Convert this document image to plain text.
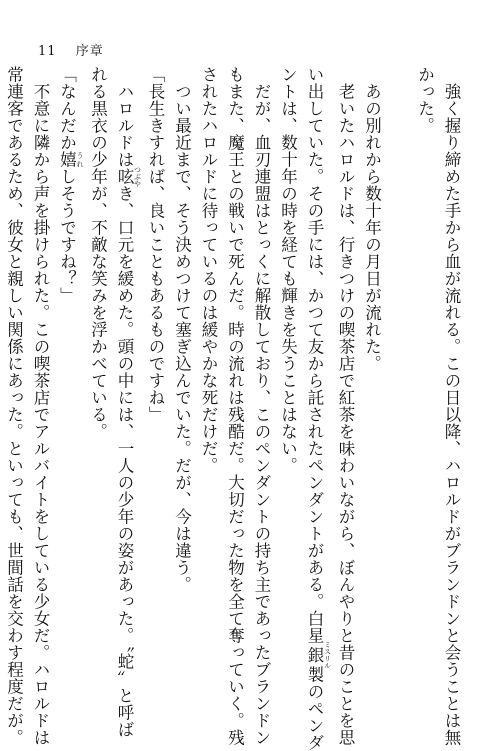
11 序章
強く握り締めた手から血が流れる。この日以降、ハロルドがブランドンと会うことは無
かった。
あの別れから数十年の月日が流れた。
老いたハロルドは、行きつけの喫茶店で紅茶を味わいながら、ぼんやりと昔のことを思
い出していた。その手には、かつて友から託されたペンダントがある。白星銀 ミスリル製のペンダ
ントは、数十年の時を経ても輝きを失うことはない。
だが、血刃連盟はとっくに解散しており、このペンダントの持ち主であったブランドン
もまた、魔王との戦いで死んだ。時の流れは残酷だ。大切だった物を全て奪っていく。残
されたハロルドに待っているのは緩やかな死だけだ。
つい最近まで、そう決めつけて塞ぎ込んでいた。だが、今は違う。
「長生きすれば、良いこともあるものですね」
ハロルドは呟 つぶやき、口元を緩めた。頭の中には、一人の少年の姿があった。〝蛇〟と呼ば
れる黒衣の少年が、不敵な笑みを浮かべている。
「なんだか嬉 うれしそうですね？」
不意に隣から声を掛けられた。この喫茶店でアルバイトをしている少女だ。ハロルドは
常連客であるため、彼女と親しい関係にあった。といっても、世間話を交わす程度だが。
